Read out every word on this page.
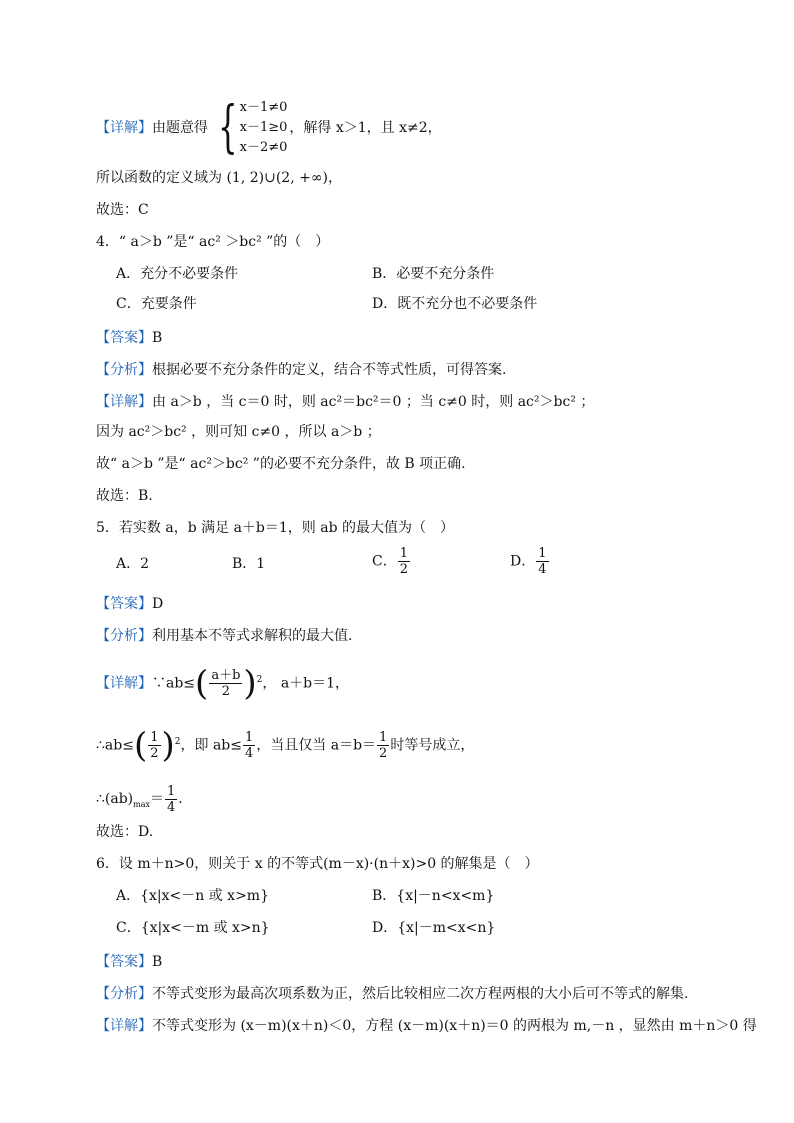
【详解】由题意得 { x－1≠0
x－1≥0
x－2≠0
，解得 x＞1，且 x≠2，
所以函数的定义域为 (1, 2)∪(2, +∞)，
故选：C
4．“ a＞b ”是“ ac² ＞bc² ”的（　）
A．充分不必要条件	B．必要不充分条件
C．充要条件	D．既不充分也不必要条件
【答案】B
【分析】根据必要不充分条件的定义，结合不等式性质，可得答案.
【详解】由 a＞b ，当 c＝0 时，则 ac²＝bc²＝0 ；当 c≠0 时，则 ac²＞bc² ；
因为 ac²＞bc² ，则可知 c≠0 ，所以 a＞b ；
故“ a＞b ”是“ ac²＞bc² ”的必要不充分条件，故 B 项正确.
故选：B.
5．若实数 a，b 满足 a＋b＝1，则 ab 的最大值为（　）
A．2	B．1	C． $\frac{1}{2}$	D． $\frac{1}{4}$
【答案】D
【分析】利用基本不等式求解积的最大值.
【详解】∵ab≤( $\frac{a+b}{2} )^2$， a＋b＝1，
∴ab≤( $\frac{1}{2} )^2$，即 $ab\le \frac{1}{4}$ ，当且仅当 $a=b= \frac{1}{2}$ 时等号成立，
$\therefore(ab)_{max}= \frac{1}{4}$ .
故选：D.
6．设 m＋n>0，则关于 x 的不等式(m－x)·(n＋x)>0 的解集是（　）
A．{x|x<－n 或 x>m}	B．{x|－n<x<m}
C．{x|x<－m 或 x>n}	D．{x|－m<x<n}
【答案】B
【分析】不等式变形为最高次项系数为正，然后比较相应二次方程两根的大小后可不等式的解集.
【详解】不等式变形为 (x－m)(x＋n)＜0，方程 (x－m)(x＋n)＝0 的两根为 m,－n ，显然由 m＋n＞0 得
